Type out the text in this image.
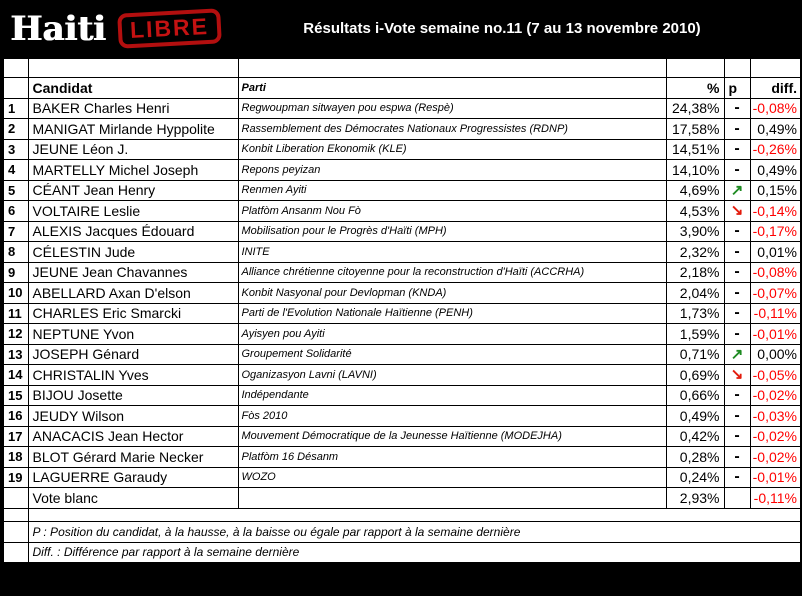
Haiti	LIBRE	Résultats i-Vote semaine no.11 (7 au 13 novembre 2010)

	Candidat	Parti	%	p	diff.
1	BAKER Charles Henri	Regwoupman sitwayen pou espwa (Respè)	24,38%	-	-0,08%
2	MANIGAT Mirlande Hyppolite	Rassemblement des Démocrates Nationaux Progressistes (RDNP)	17,58%	-	0,49%
3	JEUNE Léon J.	Konbit Liberation Ekonomik (KLE)	14,51%	-	-0,26%
4	MARTELLY Michel Joseph	Repons peyizan	14,10%	-	0,49%
5	CÉANT Jean Henry	Renmen Ayiti	4,69%	↗	0,15%
6	VOLTAIRE Leslie	Platfòm Ansanm Nou Fò	4,53%	↘	-0,14%
7	ALEXIS Jacques Édouard	Mobilisation pour le Progrès d'Haïti (MPH)	3,90%	-	-0,17%
8	CÉLESTIN Jude	INITE	2,32%	-	0,01%
9	JEUNE Jean Chavannes	Alliance chrétienne citoyenne pour la reconstruction d'Haïti (ACCRHA)	2,18%	-	-0,08%
10	ABELLARD Axan D'elson	Konbit Nasyonal pour Devlopman (KNDA)	2,04%	-	-0,07%
11	CHARLES Eric Smarcki	Parti de l'Evolution Nationale Haïtienne (PENH)	1,73%	-	-0,11%
12	NEPTUNE Yvon	Ayisyen pou Ayiti	1,59%	-	-0,01%
13	JOSEPH Génard	Groupement Solidarité	0,71%	↗	0,00%
14	CHRISTALIN Yves	Oganizasyon Lavni (LAVNI)	0,69%	↘	-0,05%
15	BIJOU Josette	Indépendante	0,66%	-	-0,02%
16	JEUDY Wilson	Fòs 2010	0,49%	-	-0,03%
17	ANACACIS Jean Hector	Mouvement Démocratique de la Jeunesse Haïtienne (MODEJHA)	0,42%	-	-0,02%
18	BLOT Gérard Marie Necker	Platfòm 16 Désanm	0,28%	-	-0,02%
19	LAGUERRE Garaudy	WOZO	0,24%	-	-0,01%
	Vote blanc		2,93%		-0,11%

	P : Position du candidat, à la hausse, à la baisse ou égale par rapport à la semaine dernière				
	Diff. : Différence par rapport à la semaine dernière				
